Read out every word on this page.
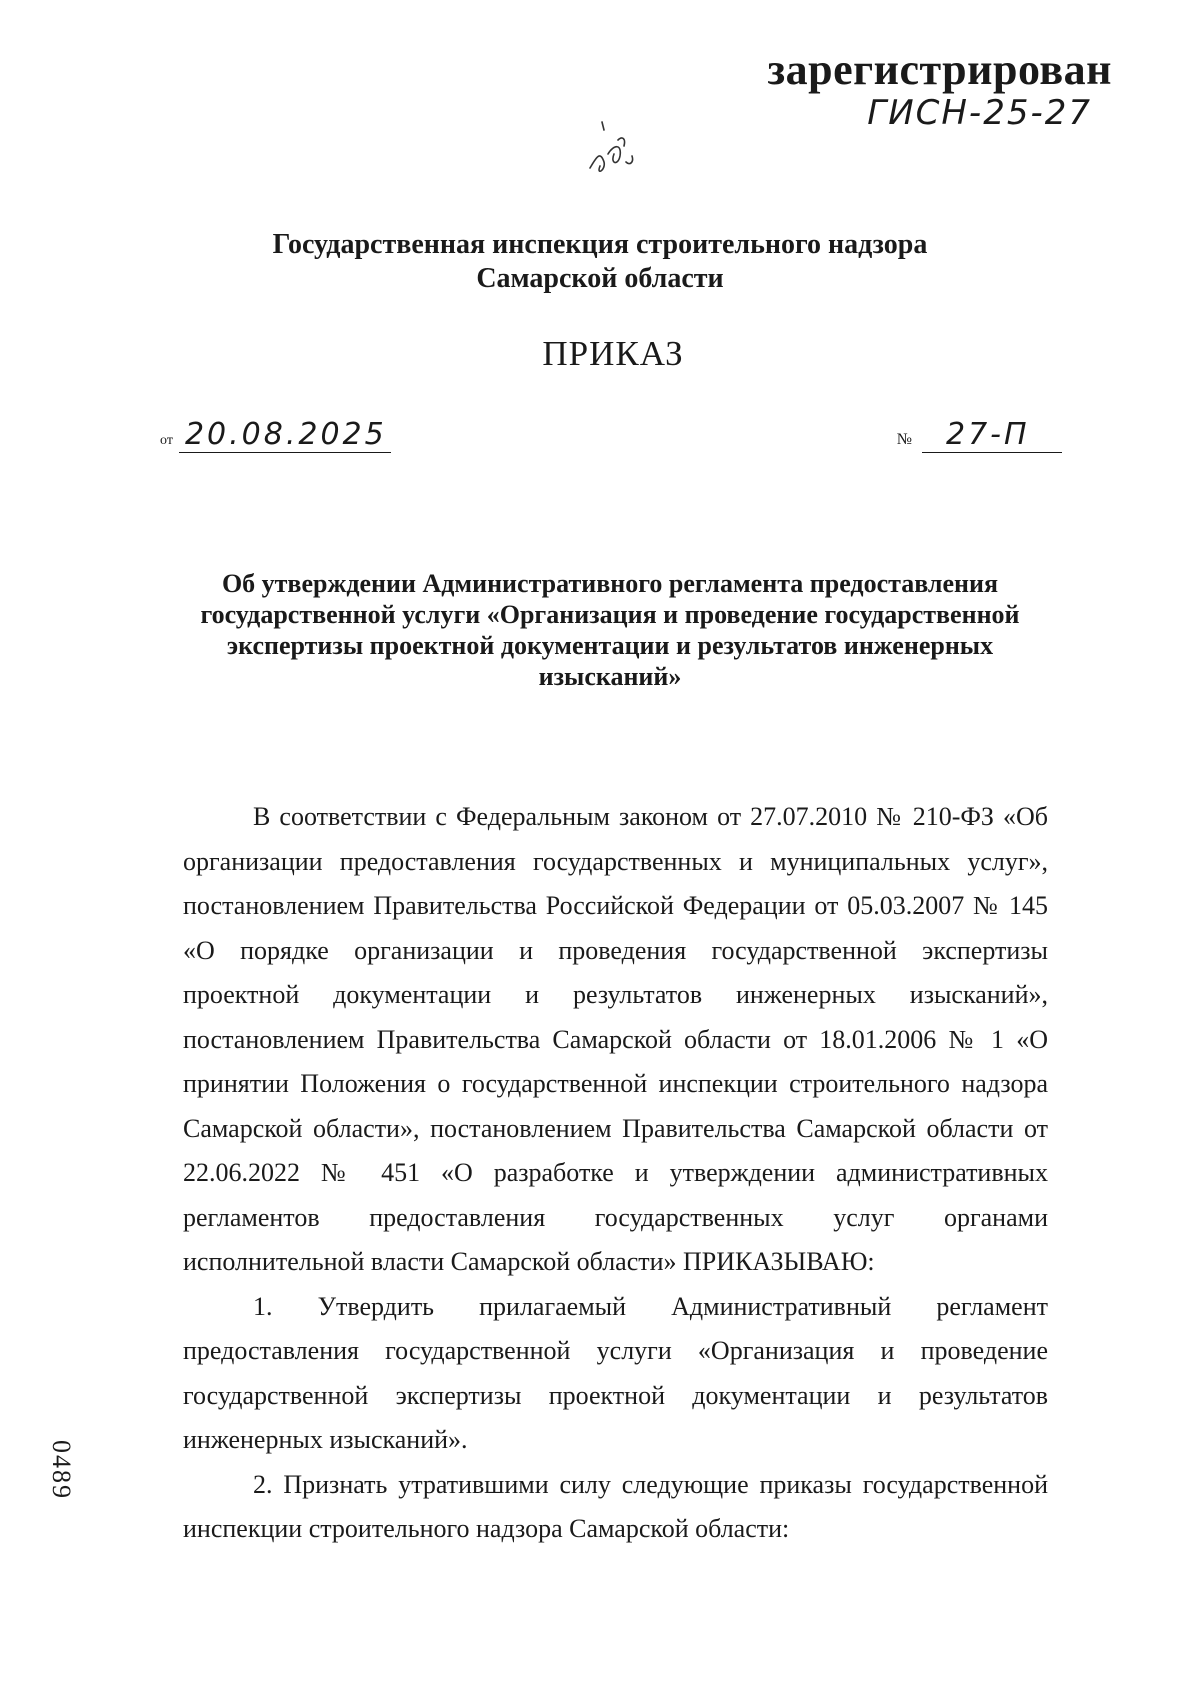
зарегистрирован
ГИСН-25-27
Государственная инспекция строительного надзора
Самарской области
ПРИКАЗ
от 20.08.2025	№	27-П
Об утверждении Административного регламента предоставления государственной услуги «Организация и проведение государственной экспертизы проектной документации и результатов инженерных изысканий»

В соответствии с Федеральным законом от 27.07.2010 № 210-ФЗ «Об организации предоставления государственных и муниципальных услуг», постановлением Правительства Российской Федерации от 05.03.2007 № 145 «О порядке организации и проведения государственной экспертизы проектной документации и результатов инженерных изысканий», постановлением Правительства Самарской области от 18.01.2006 № 1 «О принятии Положения о государственной инспекции строительного надзора Самарской области», постановлением Правительства Самарской области от 22.06.2022 № 451 «О разработке и утверждении административных регламентов предоставления государственных услуг органами исполнительной власти Самарской области» ПРИКАЗЫВАЮ:

1. Утвердить прилагаемый Административный регламент предоставления государственной услуги «Организация и проведение государственной экспертизы проектной документации и результатов инженерных изысканий».

2. Признать утратившими силу следующие приказы государственной инспекции строительного надзора Самарской области:

0489
